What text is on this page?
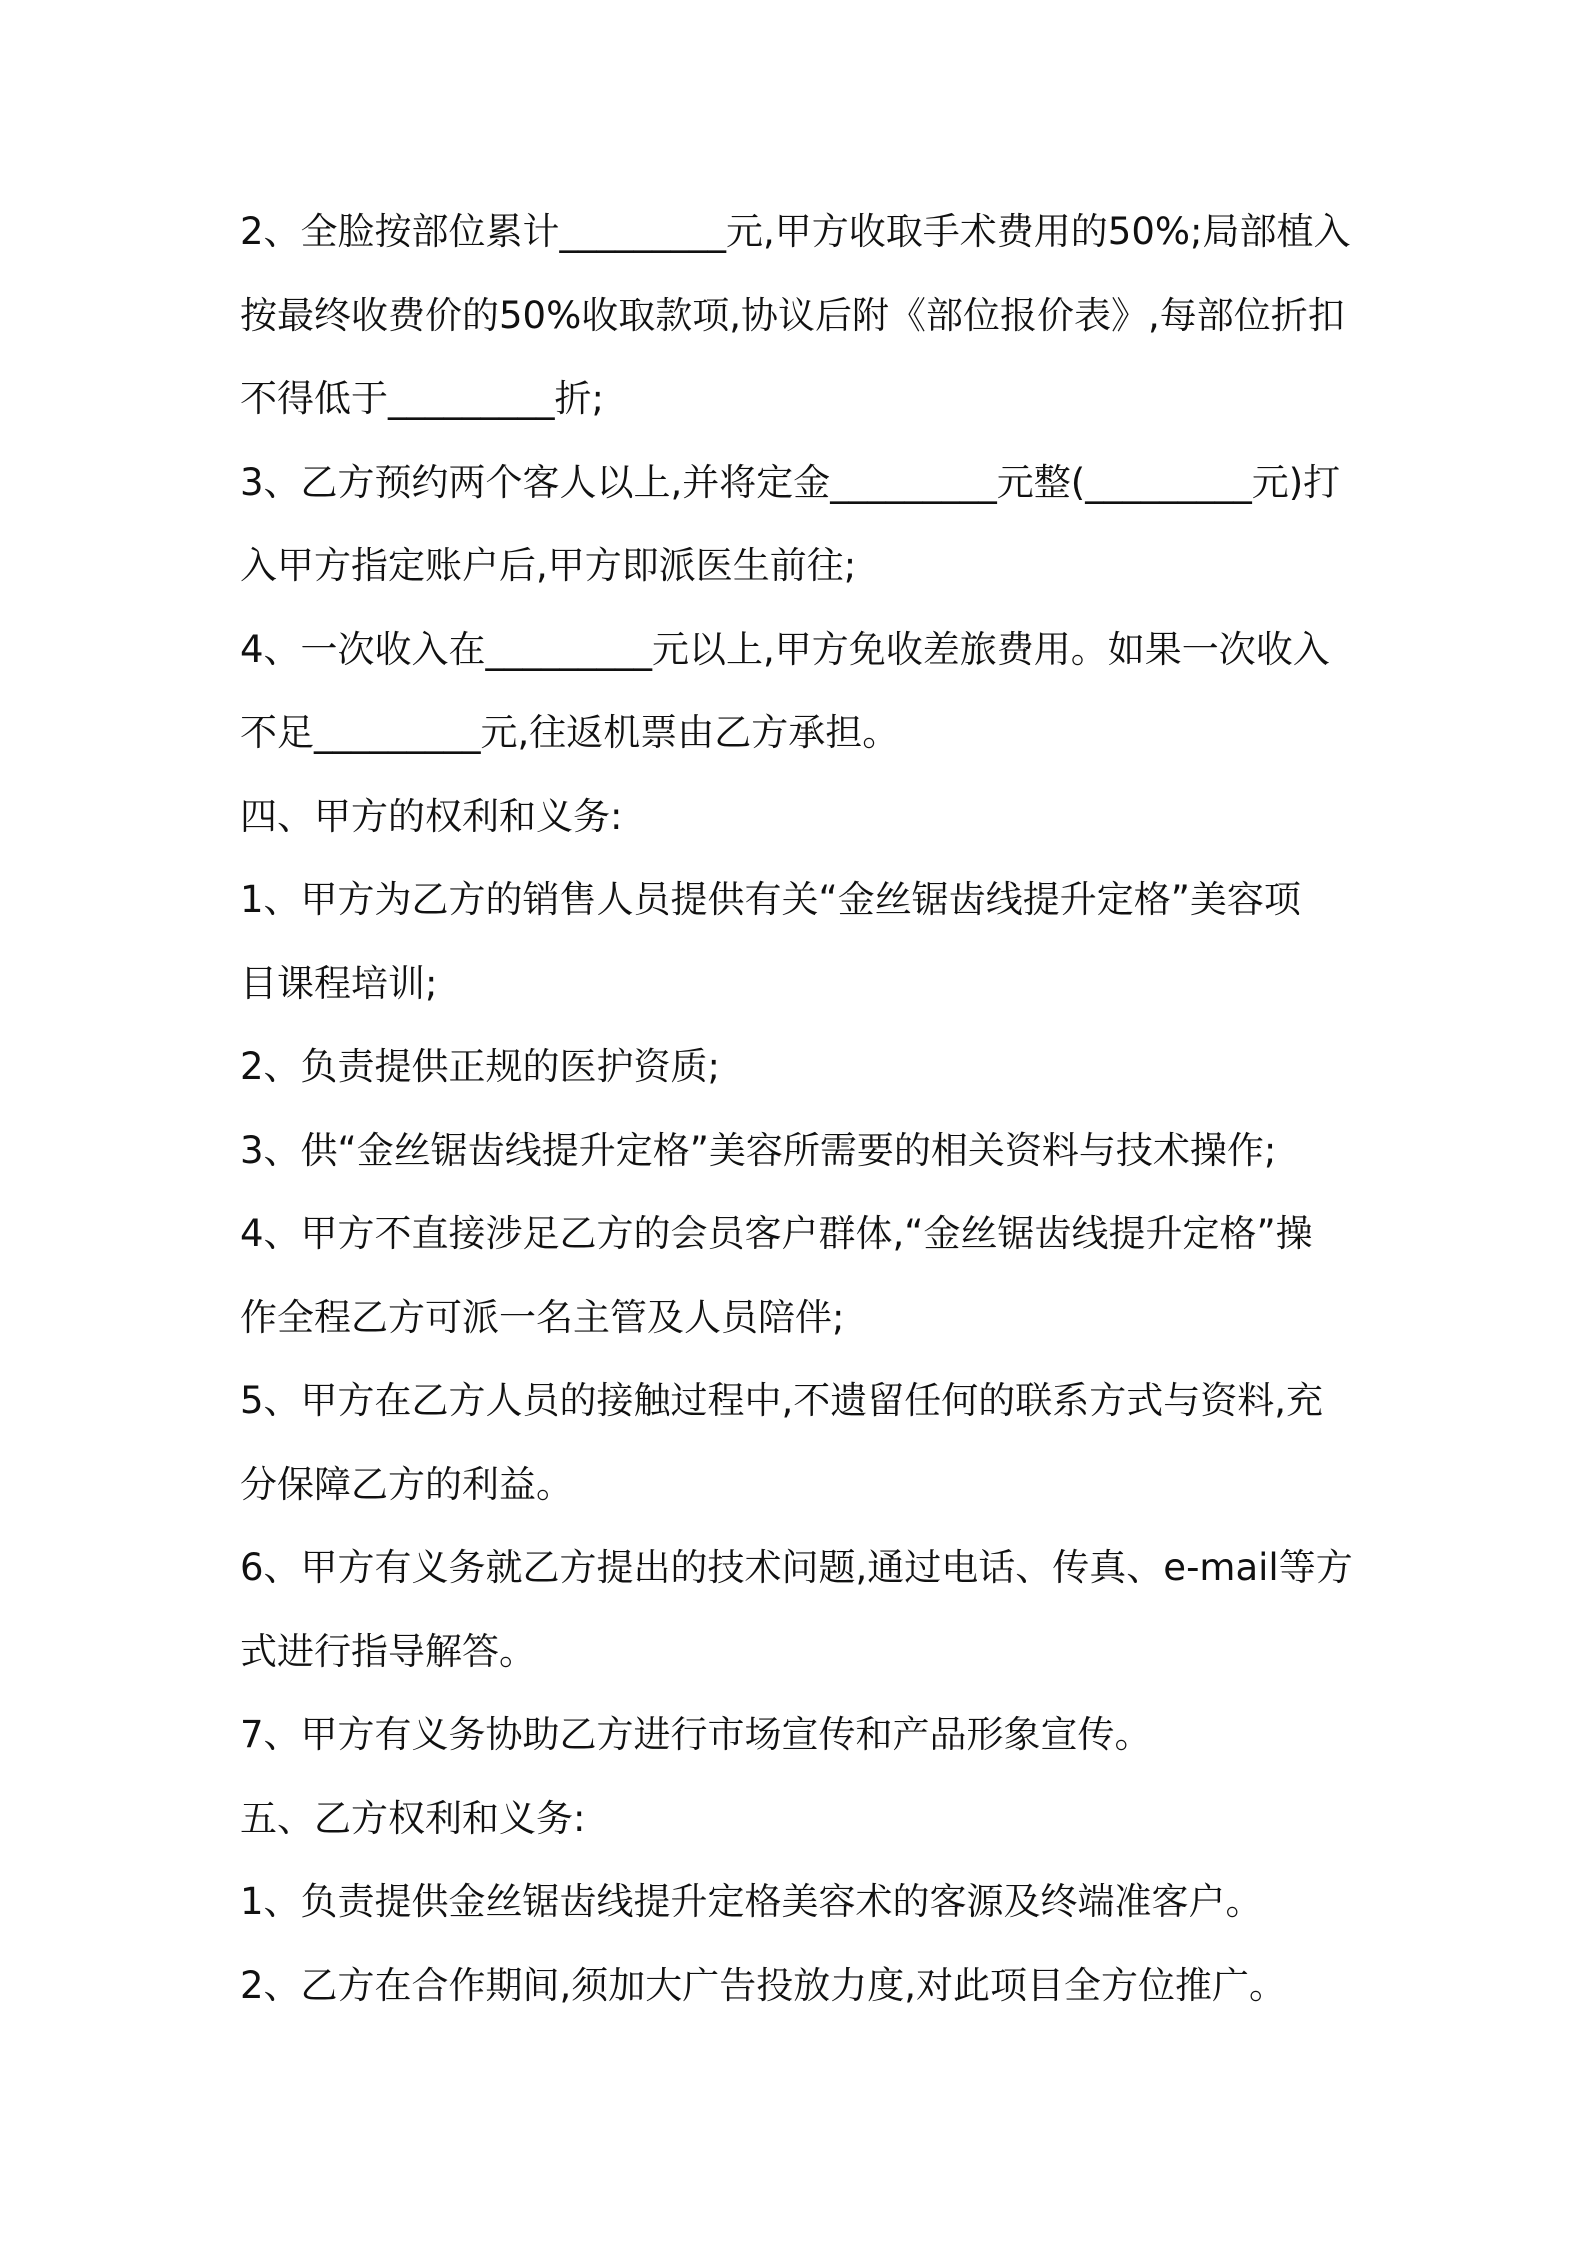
2、全脸按部位累计_________元,甲方收取手术费用的50%;局部植入
按最终收费价的50%收取款项,协议后附《部位报价表》,每部位折扣
不得低于_________折;
3、乙方预约两个客人以上,并将定金_________元整(_________元)打
入甲方指定账户后,甲方即派医生前往;
4、一次收入在_________元以上,甲方免收差旅费用。如果一次收入
不足_________元,往返机票由乙方承担。
四、甲方的权利和义务:
1、甲方为乙方的销售人员提供有关“金丝锯齿线提升定格”美容项
目课程培训;
2、负责提供正规的医护资质;
3、供“金丝锯齿线提升定格”美容所需要的相关资料与技术操作;
4、甲方不直接涉足乙方的会员客户群体,“金丝锯齿线提升定格”操
作全程乙方可派一名主管及人员陪伴;
5、甲方在乙方人员的接触过程中,不遗留任何的联系方式与资料,充
分保障乙方的利益。
6、甲方有义务就乙方提出的技术问题,通过电话、传真、e-mail等方
式进行指导解答。
7、甲方有义务协助乙方进行市场宣传和产品形象宣传。
五、乙方权利和义务:
1、负责提供金丝锯齿线提升定格美容术的客源及终端准客户。
2、乙方在合作期间,须加大广告投放力度,对此项目全方位推广。
